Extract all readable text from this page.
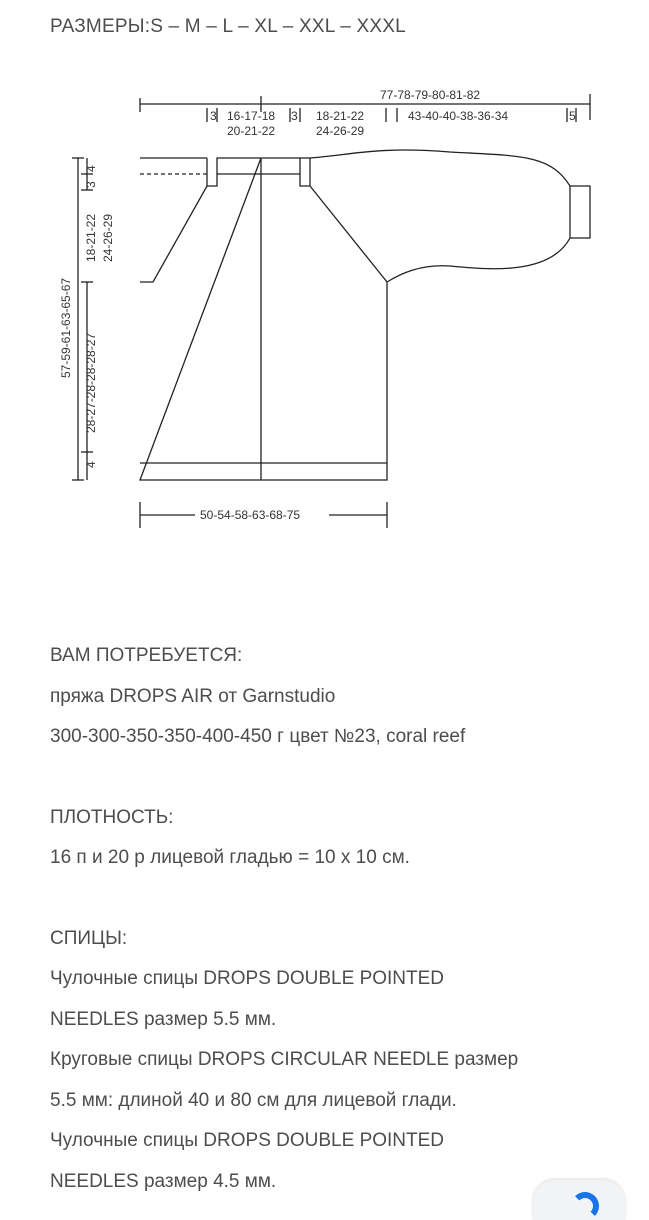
РАЗМЕРЫ:S – M – L – XL – XXL – XXXL
77-78-79-80-81-82
3 16-17-18
20-21-22
3 18-21-22
24-26-29
43-40-40-38-36-34	5
57-59-61-63-65-67
28-27-28-28-28-27
4
4
3
18-21-22 24-26-29
50-54-58-63-68-75

ВАМ ПОТРЕБУЕТСЯ:

пряжа DROPS AIR от Garnstudio

300-300-350-350-400-450 г цвет №23, coral reef

ПЛОТНОСТЬ:

16 п и 20 р лицевой гладью = 10 x 10 см.

СПИЦЫ:

Чулочные спицы DROPS DOUBLE POINTED

NEEDLES размер 5.5 мм.

Круговые спицы DROPS CIRCULAR NEEDLE размер

5.5 мм: длиной 40 и 80 см для лицевой глади.

Чулочные спицы DROPS DOUBLE POINTED

NEEDLES размер 4.5 мм.
